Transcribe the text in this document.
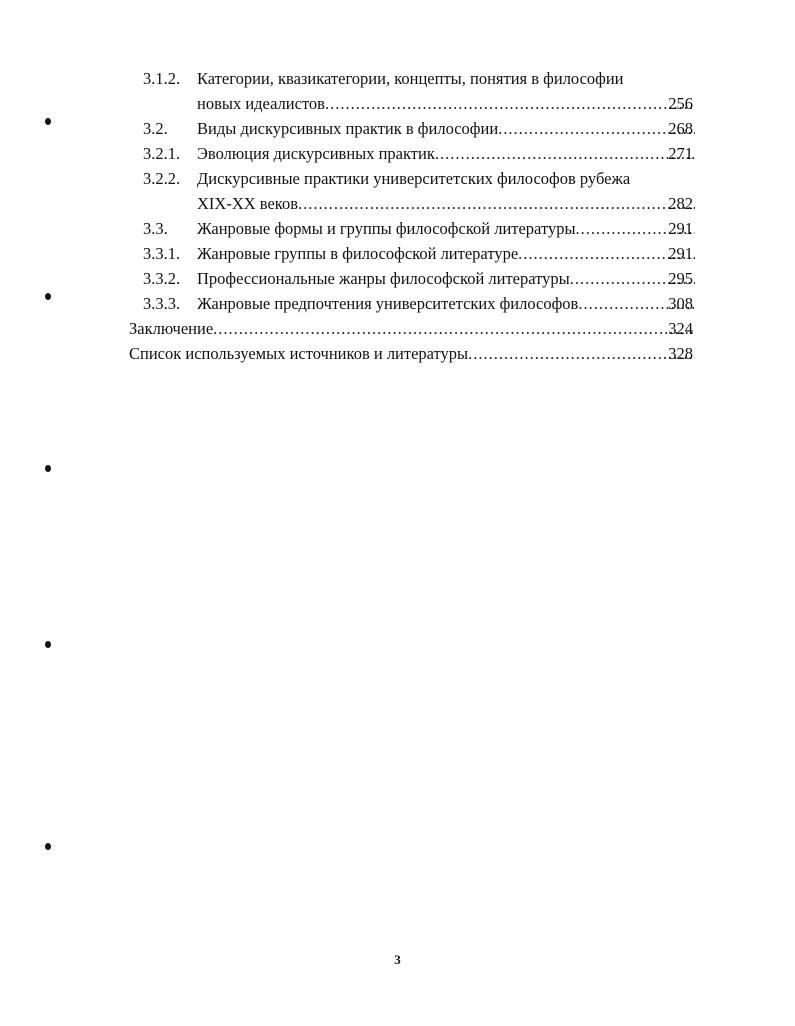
3.1.2.	Категории, квазикатегории, концепты, понятия в философии
новых идеалистов .....	256
3.2.	Виды дискурсивных практик в философии .....	268
3.2.1.	Эволюция дискурсивных практик .....	271
3.2.2.	Дискурсивные практики университетских философов рубежа
XIX-XX веков .....	282
3.3.	Жанровые формы и группы философской литературы .....	291
3.3.1.	Жанровые группы в философской литературе .....	291
3.3.2.	Профессиональные жанры философской литературы .....	295
3.3.3.	Жанровые предпочтения университетских философов .....	308
Заключение .....	324
Список используемых источников и литературы .....	328
3
